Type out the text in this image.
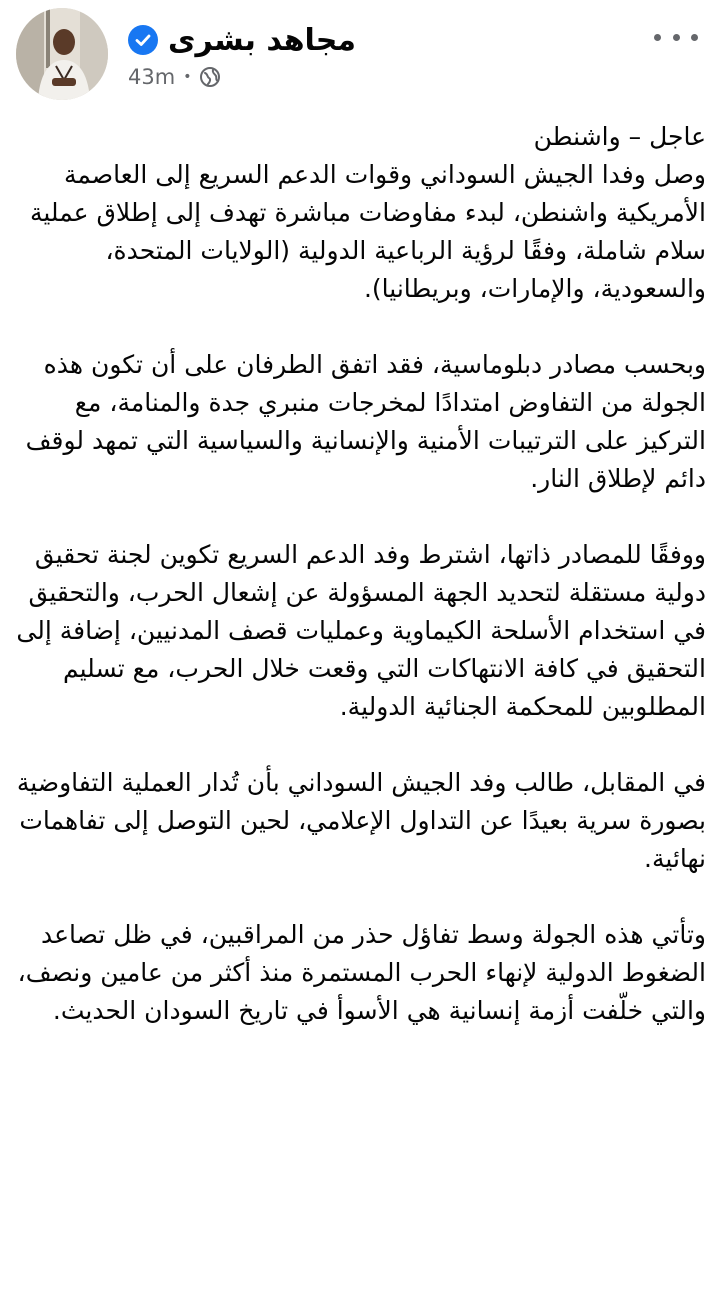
مجاهد بشرى
43m •

عاجل – واشنطن
وصل وفدا الجيش السوداني وقوات الدعم السريع إلى العاصمة الأمريكية واشنطن، لبدء مفاوضات مباشرة تهدف إلى إطلاق عملية سلام شاملة، وفقًا لرؤية الرباعية الدولية (الولايات المتحدة، والسعودية، والإمارات، وبريطانيا).

وبحسب مصادر دبلوماسية، فقد اتفق الطرفان على أن تكون هذه الجولة من التفاوض امتدادًا لمخرجات منبري جدة والمنامة، مع التركيز على الترتيبات الأمنية والإنسانية والسياسية التي تمهد لوقف دائم لإطلاق النار.

ووفقًا للمصادر ذاتها، اشترط وفد الدعم السريع تكوين لجنة تحقيق دولية مستقلة لتحديد الجهة المسؤولة عن إشعال الحرب، والتحقيق في استخدام الأسلحة الكيماوية وعمليات قصف المدنيين، إضافة إلى التحقيق في كافة الانتهاكات التي وقعت خلال الحرب، مع تسليم المطلوبين للمحكمة الجنائية الدولية.

في المقابل، طالب وفد الجيش السوداني بأن تُدار العملية التفاوضية بصورة سرية بعيدًا عن التداول الإعلامي، لحين التوصل إلى تفاهمات نهائية.

وتأتي هذه الجولة وسط تفاؤل حذر من المراقبين، في ظل تصاعد الضغوط الدولية لإنهاء الحرب المستمرة منذ أكثر من عامين ونصف، والتي خلّفت أزمة إنسانية هي الأسوأ في تاريخ السودان الحديث.
